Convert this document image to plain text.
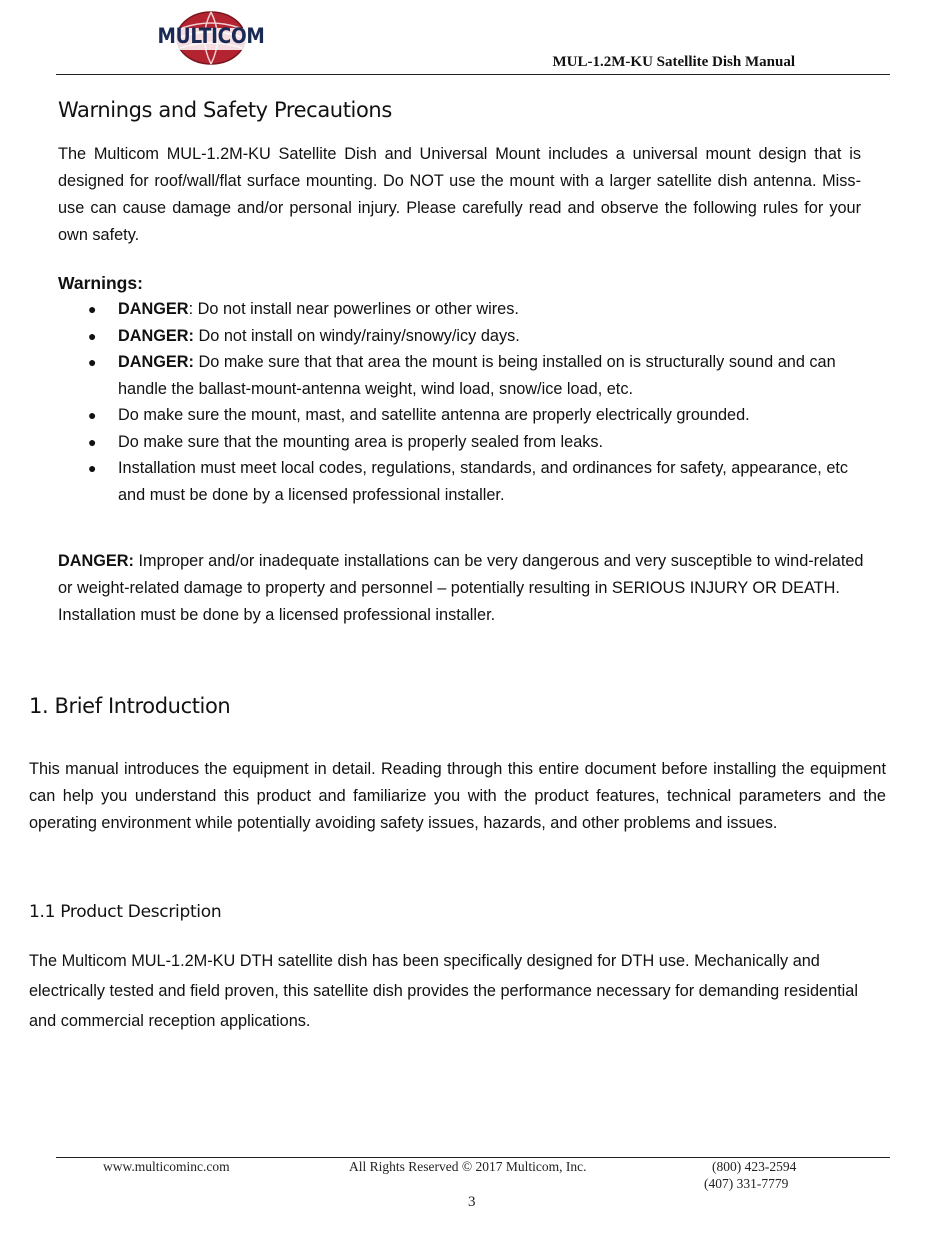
MULTICOM
MUL-1.2M-KU Satellite Dish Manual
Warnings and Safety Precautions

The Multicom MUL-1.2M-KU Satellite Dish and Universal Mount includes a universal mount design that is designed for roof/wall/flat surface mounting. Do NOT use the mount with a larger satellite dish antenna. Miss-use can cause damage and/or personal injury. Please carefully read and observe the following rules for your own safety.

Warnings:
● DANGER: Do not install near powerlines or other wires.
● DANGER: Do not install on windy/rainy/snowy/icy days.
● DANGER: Do make sure that that area the mount is being installed on is structurally sound and can handle the ballast-mount-antenna weight, wind load, snow/ice load, etc.
● Do make sure the mount, mast, and satellite antenna are properly electrically grounded.
● Do make sure that the mounting area is properly sealed from leaks.
● Installation must meet local codes, regulations, standards, and ordinances for safety, appearance, etc and must be done by a licensed professional installer.

DANGER: Improper and/or inadequate installations can be very dangerous and very susceptible to wind-related or weight-related damage to property and personnel – potentially resulting in SERIOUS INJURY OR DEATH. Installation must be done by a licensed professional installer.

1. Brief Introduction

This manual introduces the equipment in detail. Reading through this entire document before installing the equipment can help you understand this product and familiarize you with the product features, technical parameters and the operating environment while potentially avoiding safety issues, hazards, and other problems and issues.

1.1 Product Description

The Multicom MUL-1.2M-KU DTH satellite dish has been specifically designed for DTH use. Mechanically and electrically tested and field proven, this satellite dish provides the performance necessary for demanding residential and commercial reception applications.

www.multicominc.com	All Rights Reserved © 2017 Multicom, Inc.	(800) 423-2594
(407) 331-7779
3
